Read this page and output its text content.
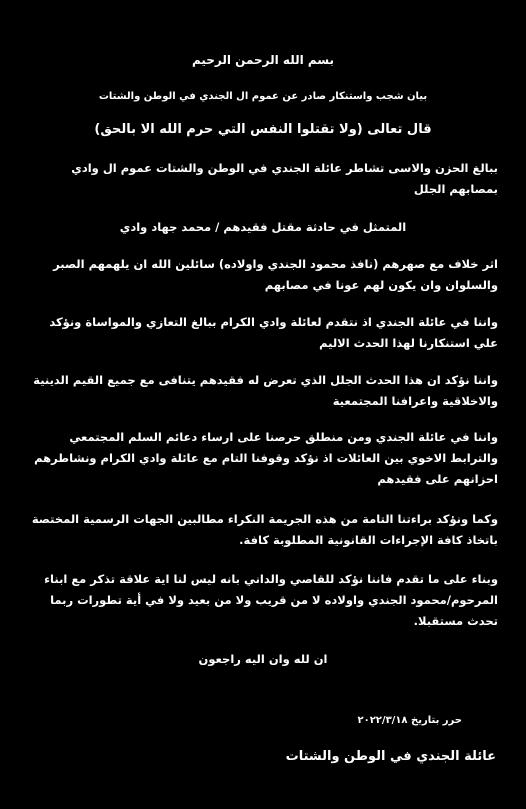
بسم الله الرحمن الرحيم
بيان شجب واستنكار صادر عن عموم ال الجندي في الوطن والشتات
قال تعالى (ولا تقتلوا النفس التي حرم الله الا بالحق)
ببالغ الحزن والاسى تشاطر عائلة الجندي في الوطن والشتات عموم ال وادي بمصابهم الجلل
المتمثل في حادثة مقتل فقيدهم / محمد جهاد وادي
اثر خلاف مع صهرهم (نافذ محمود الجندي واولاده) سائلين الله ان يلهمهم الصبر والسلوان وان يكون لهم عونا في مصابهم
واننا في عائلة الجندي اذ نتقدم لعائلة وادي الكرام ببالغ التعازي والمواساة ونؤكد علي استنكارنا لهذا الحدث الاليم
واننا نؤكد ان هذا الحدث الجلل الذي تعرض له فقيدهم يتنافى مع جميع القيم الدينية والاخلاقية واعرافنا المجتمعية
واننا في عائلة الجندي ومن منطلق حرصنا على ارساء دعائم السلم المجتمعي والترابط الاخوي بين العائلات اذ نؤكد وقوفنا التام مع عائلة وادي الكرام ونشاطرهم احزانهم على فقيدهم
وكما ونؤكد براءتنا التامة من هذه الجريمة النكراء مطالبين الجهات الرسمية المختصة باتخاذ كافة الإجراءات القانونية المطلوبة كافة.
وبناء على ما تقدم فاننا نؤكد للقاصي والداني بانه ليس لنا اية علاقة تذكر مع ابناء المرحوم/محمود الجندي واولاده لا من قريب ولا من بعيد ولا في أية تطورات ربما تحدث مستقبلا.
ان لله وان اليه راجعون
حرر بتاريخ ٢٠٢٢/٣/١٨
عائلة الجندي في الوطن والشتات
